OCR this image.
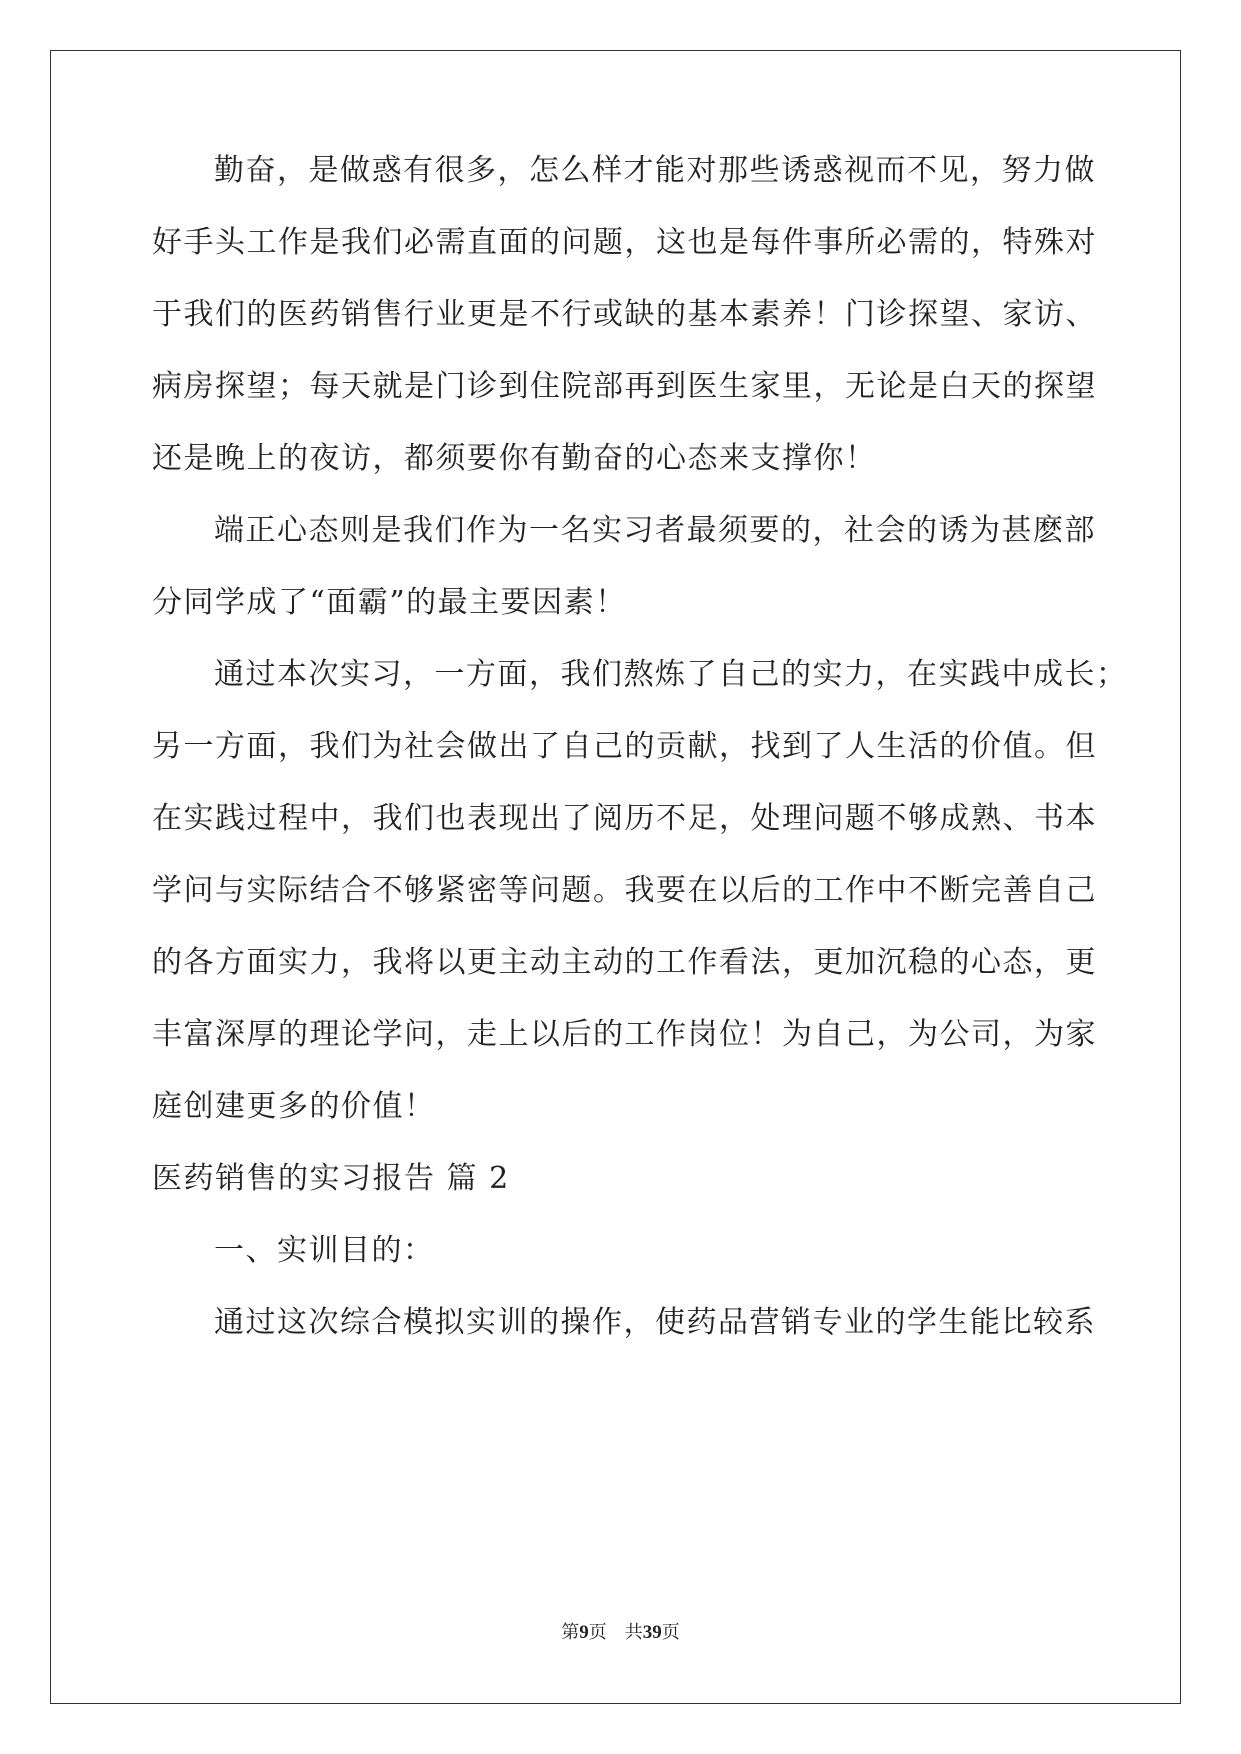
勤奋，是做惑有很多，怎么样才能对那些诱惑视而不见，努力做
好手头工作是我们必需直面的问题，这也是每件事所必需的，特殊对
于我们的医药销售行业更是不行或缺的基本素养！门诊探望、家访、
病房探望；每天就是门诊到住院部再到医生家里，无论是白天的探望
还是晚上的夜访，都须要你有勤奋的心态来支撑你！
端正心态则是我们作为一名实习者最须要的，社会的诱为甚麽部
分同学成了“面霸”的最主要因素！
通过本次实习，一方面，我们熬炼了自己的实力，在实践中成长；
另一方面，我们为社会做出了自己的贡献，找到了人生活的价值。但
在实践过程中，我们也表现出了阅历不足，处理问题不够成熟、书本
学问与实际结合不够紧密等问题。我要在以后的工作中不断完善自己
的各方面实力，我将以更主动主动的工作看法，更加沉稳的心态，更
丰富深厚的理论学问，走上以后的工作岗位！为自己，为公司，为家
庭创建更多的价值！
医药销售的实习报告 篇 2
一、实训目的：
通过这次综合模拟实训的操作，使药品营销专业的学生能比较系
第9页　共39页
